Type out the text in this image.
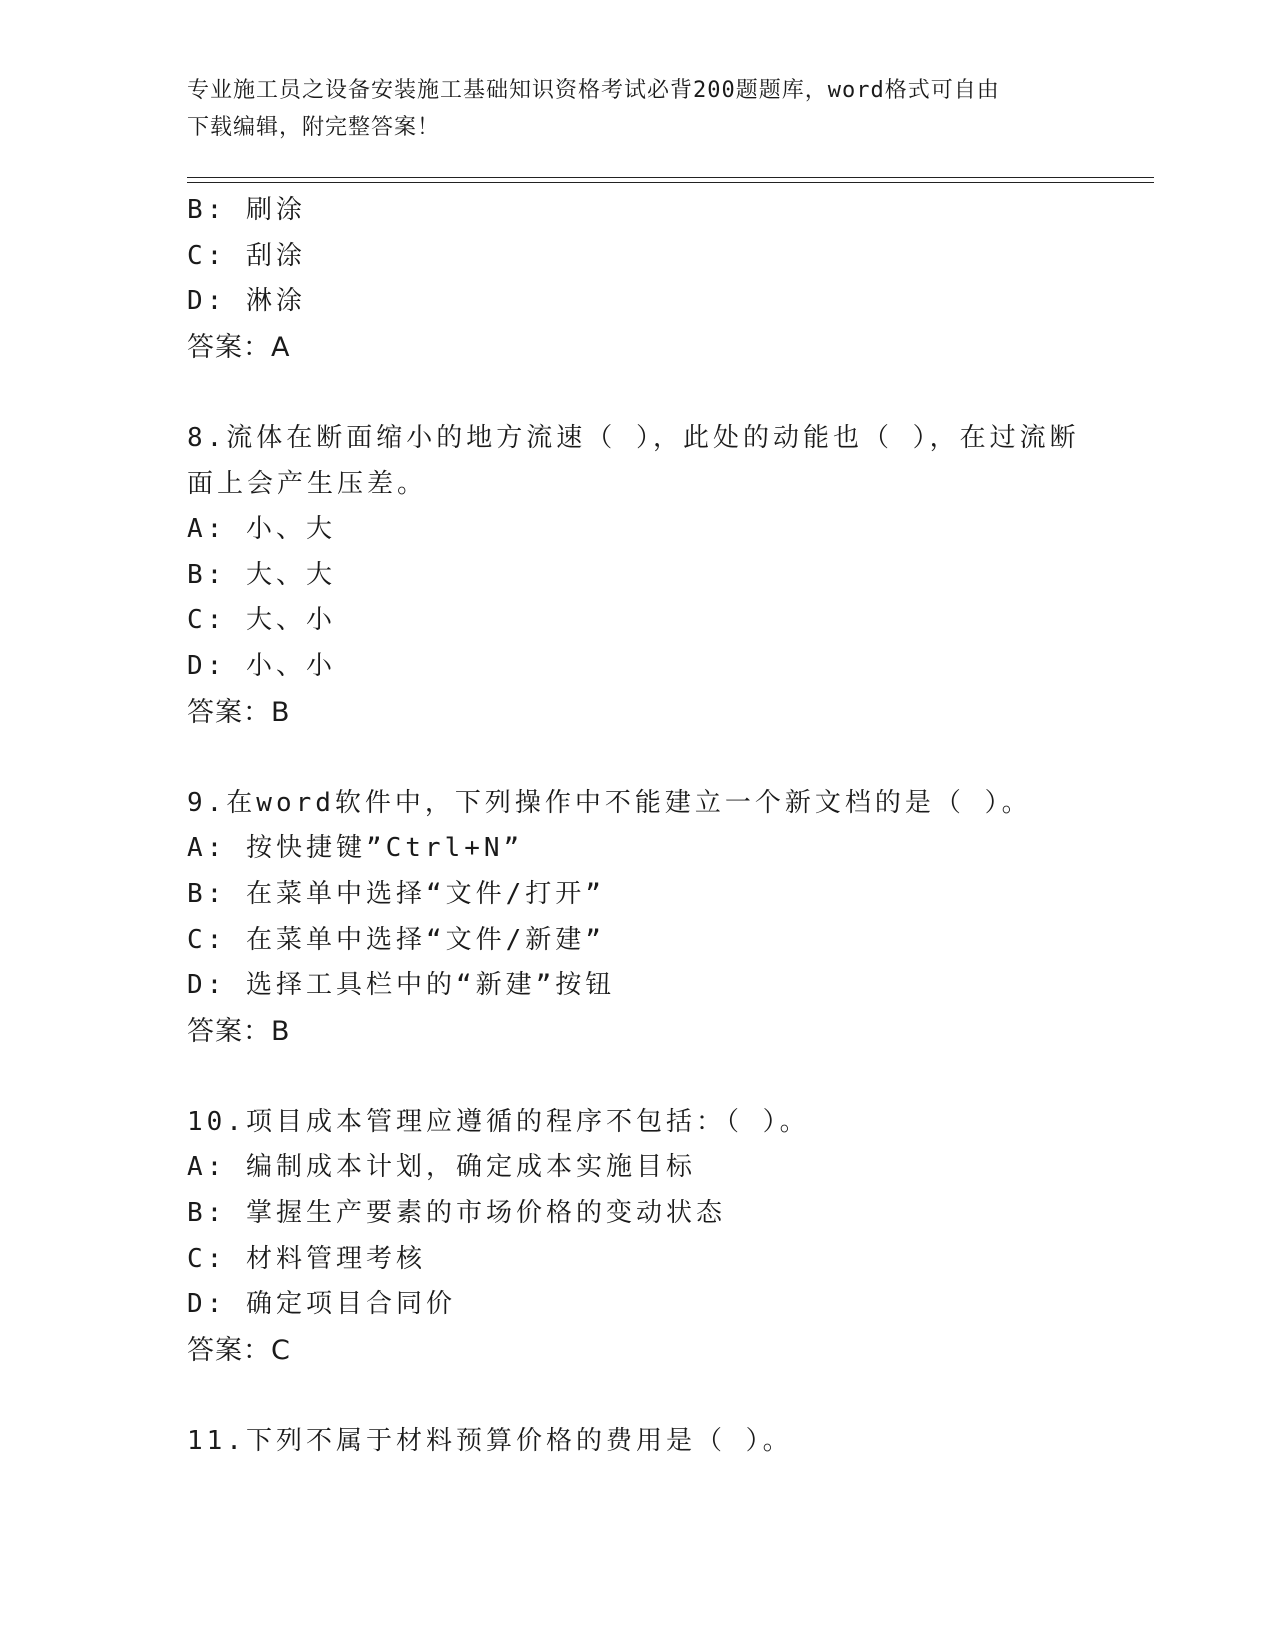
专业施工员之设备安装施工基础知识资格考试必背200题题库，word格式可自由
下载编辑，附完整答案！
B: 刷涂
C: 刮涂
D: 淋涂
答案：A
8.流体在断面缩小的地方流速（ ），此处的动能也（ ），在过流断
面上会产生压差。
A: 小、大
B: 大、大
C: 大、小
D: 小、小
答案：B
9.在word软件中，下列操作中不能建立一个新文档的是（ ）。
A: 按快捷键”Ctrl+N”
B: 在菜单中选择“文件/打开”
C: 在菜单中选择“文件/新建”
D: 选择工具栏中的“新建”按钮
答案：B
10.项目成本管理应遵循的程序不包括：（ ）。
A: 编制成本计划，确定成本实施目标
B: 掌握生产要素的市场价格的变动状态
C: 材料管理考核
D: 确定项目合同价
答案：C
11.下列不属于材料预算价格的费用是（ ）。
